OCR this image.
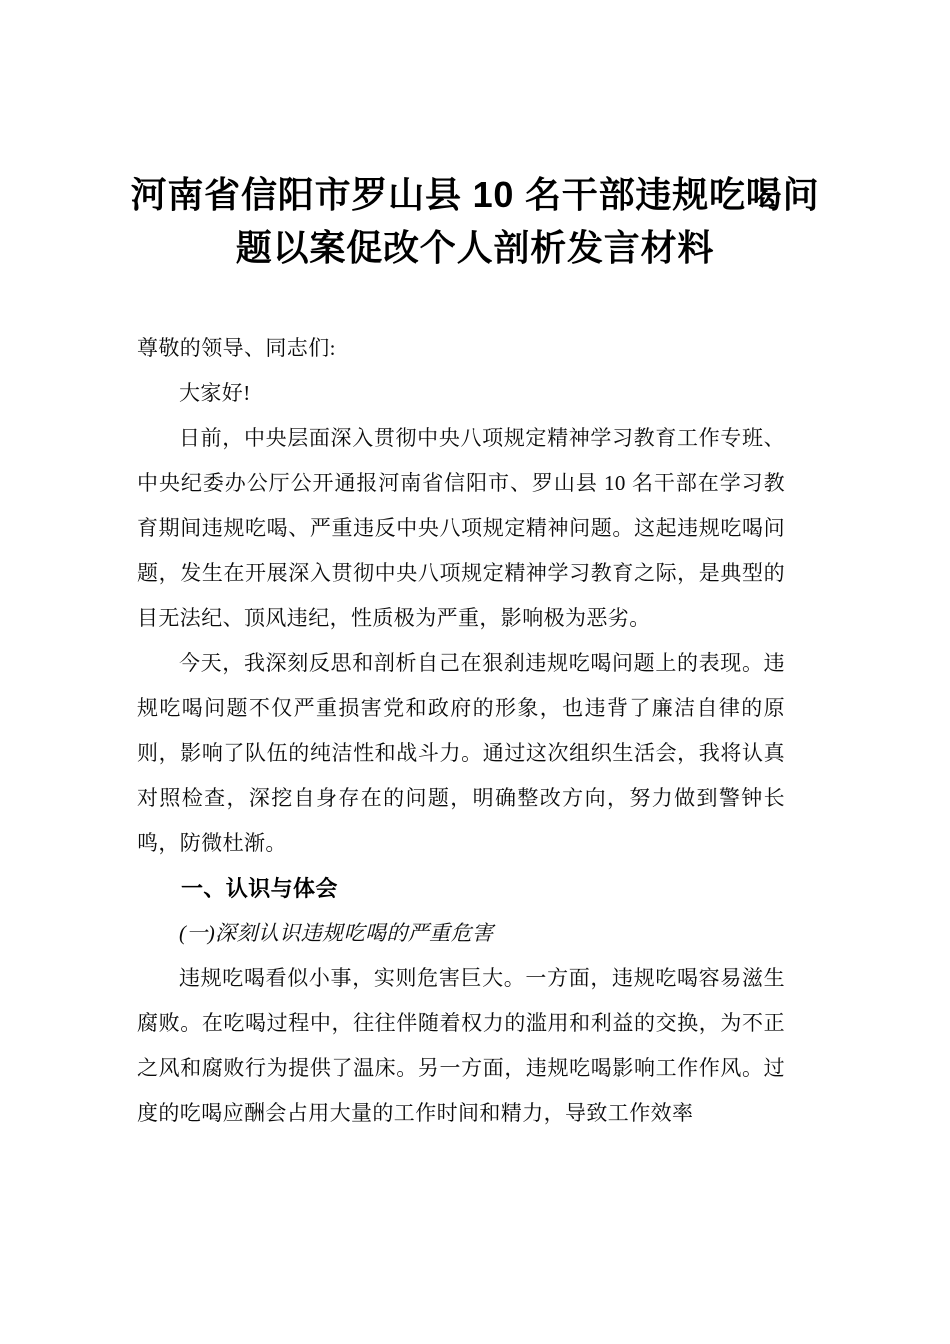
河南省信阳市罗山县 10 名干部违规吃喝问
题以案促改个人剖析发言材料

尊敬的领导、同志们:

大家好!

日前，中央层面深入贯彻中央八项规定精神学习教育工作专班、中央纪委办公厅公开通报河南省信阳市、罗山县 10 名干部在学习教育期间违规吃喝、严重违反中央八项规定精神问题。这起违规吃喝问题，发生在开展深入贯彻中央八项规定精神学习教育之际，是典型的目无法纪、顶风违纪，性质极为严重，影响极为恶劣。

今天，我深刻反思和剖析自己在狠刹违规吃喝问题上的表现。违规吃喝问题不仅严重损害党和政府的形象，也违背了廉洁自律的原则，影响了队伍的纯洁性和战斗力。通过这次组织生活会，我将认真对照检查，深挖自身存在的问题，明确整改方向，努力做到警钟长鸣，防微杜渐。

一、认识与体会

(一)深刻认识违规吃喝的严重危害

违规吃喝看似小事，实则危害巨大。一方面，违规吃喝容易滋生腐败。在吃喝过程中，往往伴随着权力的滥用和利益的交换，为不正之风和腐败行为提供了温床。另一方面，违规吃喝影响工作作风。过度的吃喝应酬会占用大量的工作时间和精力，导致工作效率
